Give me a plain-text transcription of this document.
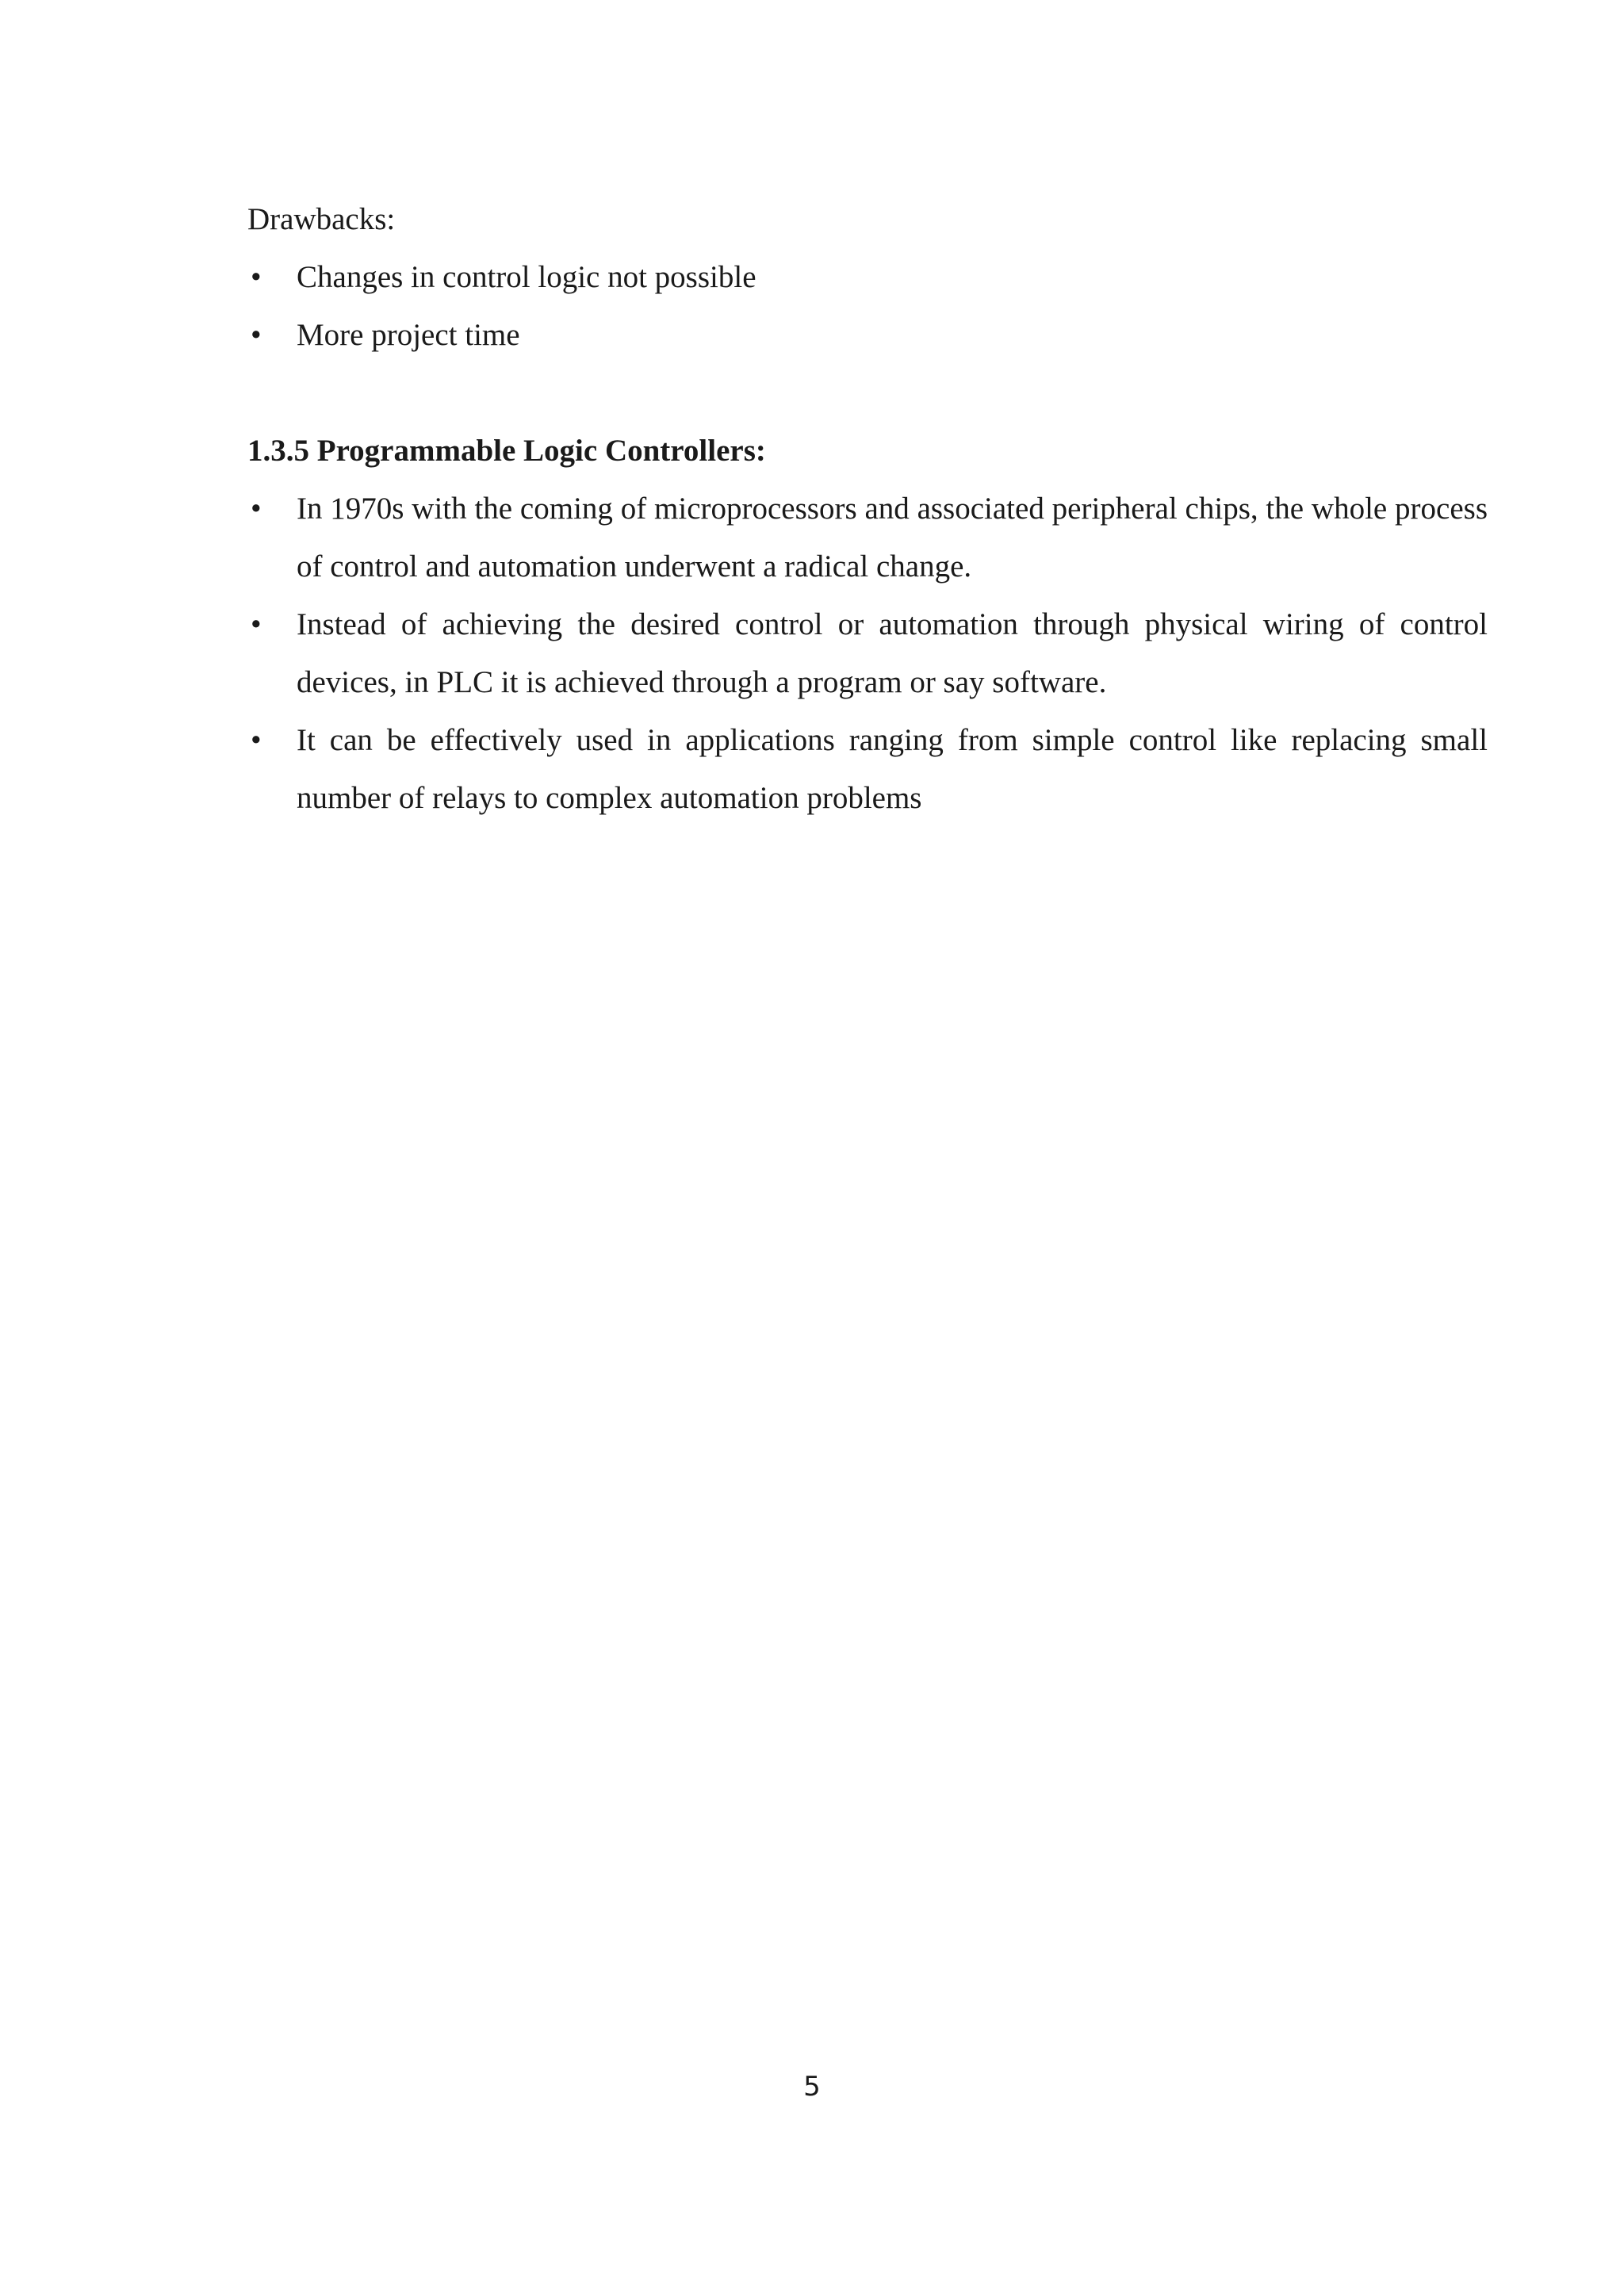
Drawbacks:

•	Changes in control logic not possible
•	More project time

1.3.5 Programmable Logic Controllers:

•	In 1970s with the coming of microprocessors and associated peripheral chips, the whole process of control and automation underwent a radical change.
•	Instead of achieving the desired control or automation through physical wiring of control devices, in PLC it is achieved through a program or say software.
•	It can be effectively used in applications ranging from simple control like replacing small number of relays to complex automation problems
5
